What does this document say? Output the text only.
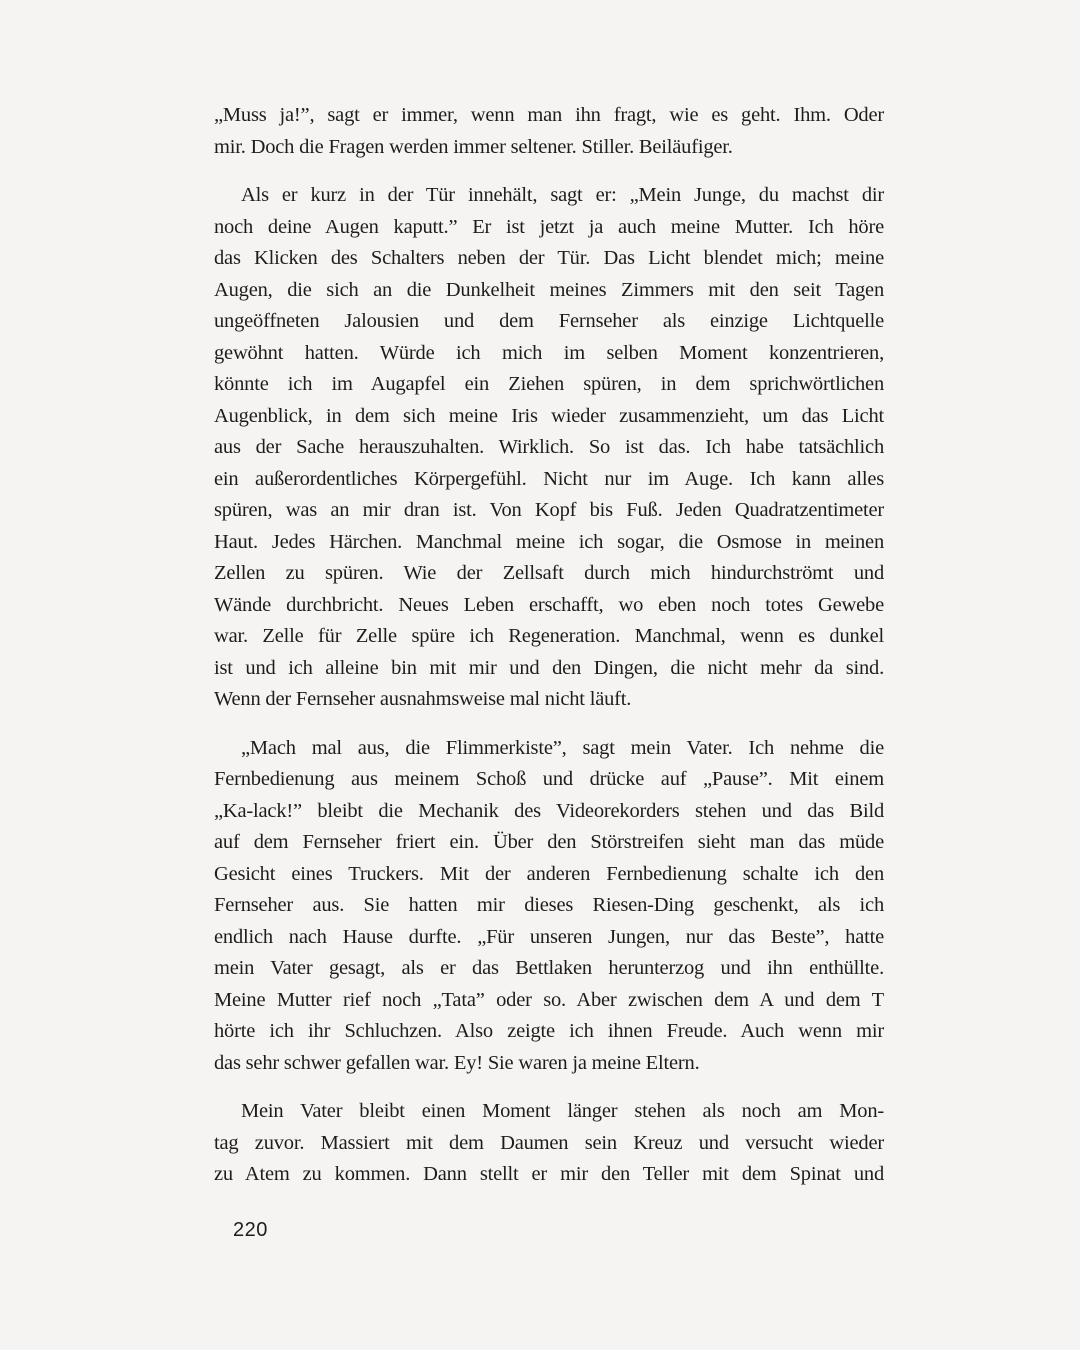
„Muss ja!”, sagt er immer, wenn man ihn fragt, wie es geht. Ihm. Oder
mir. Doch die Fragen werden immer seltener. Stiller. Beiläufiger.
Als er kurz in der Tür innehält, sagt er: „Mein Junge, du machst dir
noch deine Augen kaputt.” Er ist jetzt ja auch meine Mutter. Ich höre
das Klicken des Schalters neben der Tür. Das Licht blendet mich; meine
Augen, die sich an die Dunkelheit meines Zimmers mit den seit Tagen
ungeöffneten Jalousien und dem Fernseher als einzige Lichtquelle
gewöhnt hatten. Würde ich mich im selben Moment konzentrieren,
könnte ich im Augapfel ein Ziehen spüren, in dem sprichwörtlichen
Augenblick, in dem sich meine Iris wieder zusammenzieht, um das Licht
aus der Sache herauszuhalten. Wirklich. So ist das. Ich habe tatsächlich
ein außerordentliches Körpergefühl. Nicht nur im Auge. Ich kann alles
spüren, was an mir dran ist. Von Kopf bis Fuß. Jeden Quadratzentimeter
Haut. Jedes Härchen. Manchmal meine ich sogar, die Osmose in meinen
Zellen zu spüren. Wie der Zellsaft durch mich hindurchströmt und
Wände durchbricht. Neues Leben erschafft, wo eben noch totes Gewebe
war. Zelle für Zelle spüre ich Regeneration. Manchmal, wenn es dunkel
ist und ich alleine bin mit mir und den Dingen, die nicht mehr da sind.
Wenn der Fernseher ausnahmsweise mal nicht läuft.
„Mach mal aus, die Flimmerkiste”, sagt mein Vater. Ich nehme die
Fernbedienung aus meinem Schoß und drücke auf „Pause”. Mit einem
„Ka-lack!” bleibt die Mechanik des Videorekorders stehen und das Bild
auf dem Fernseher friert ein. Über den Störstreifen sieht man das müde
Gesicht eines Truckers. Mit der anderen Fernbedienung schalte ich den
Fernseher aus. Sie hatten mir dieses Riesen-Ding geschenkt, als ich
endlich nach Hause durfte. „Für unseren Jungen, nur das Beste”, hatte
mein Vater gesagt, als er das Bettlaken herunterzog und ihn enthüllte.
Meine Mutter rief noch „Tata” oder so. Aber zwischen dem A und dem T
hörte ich ihr Schluchzen. Also zeigte ich ihnen Freude. Auch wenn mir
das sehr schwer gefallen war. Ey! Sie waren ja meine Eltern.
Mein Vater bleibt einen Moment länger stehen als noch am Mon-
tag zuvor. Massiert mit dem Daumen sein Kreuz und versucht wieder
zu Atem zu kommen. Dann stellt er mir den Teller mit dem Spinat und
220
